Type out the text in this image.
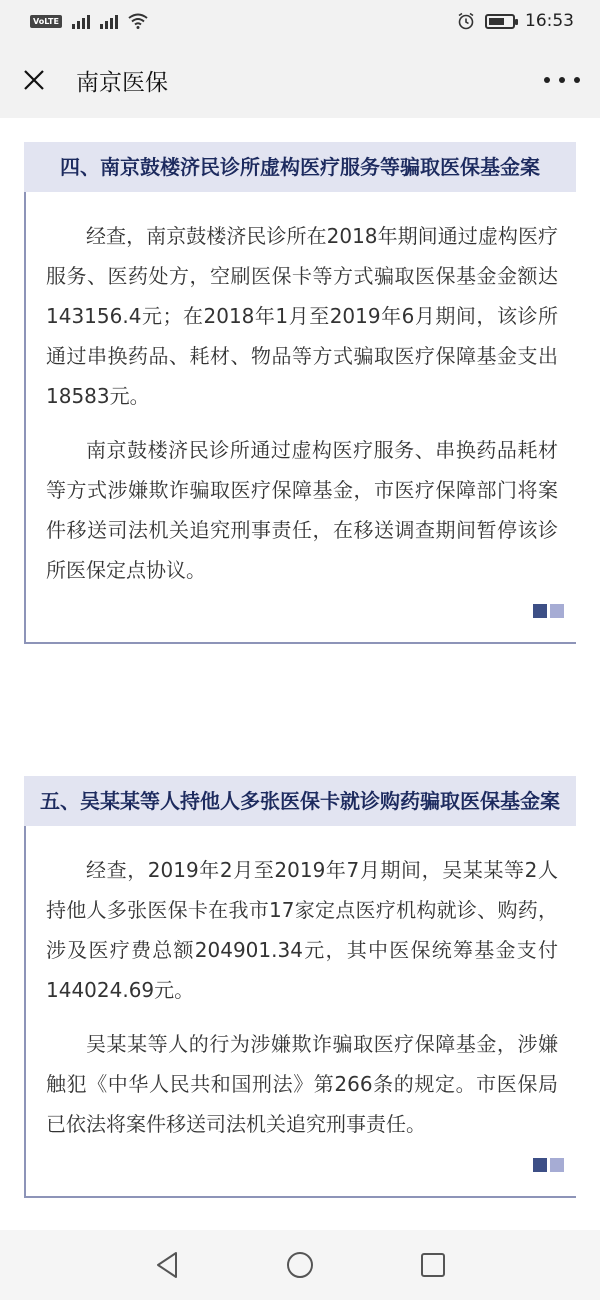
VoLTE	16:53
南京医保
四、南京鼓楼济民诊所虚构医疗服务等骗取医保基金案

经查，南京鼓楼济民诊所在2018年期间通过虚构医疗服务、医药处方，空刷医保卡等方式骗取医保基金金额达143156.4元；在2018年1月至2019年6月期间，该诊所通过串换药品、耗材、物品等方式骗取医疗保障基金支出18583元。

南京鼓楼济民诊所通过虚构医疗服务、串换药品耗材等方式涉嫌欺诈骗取医疗保障基金，市医疗保障部门将案件移送司法机关追究刑事责任，在移送调查期间暂停该诊所医保定点协议。

五、吴某某等人持他人多张医保卡就诊购药骗取医保基金案

经查，2019年2月至2019年7月期间，吴某某等2人持他人多张医保卡在我市17家定点医疗机构就诊、购药，涉及医疗费总额204901.34元，其中医保统筹基金支付144024.69元。

吴某某等人的行为涉嫌欺诈骗取医疗保障基金，涉嫌触犯《中华人民共和国刑法》第266条的规定。市医保局已依法将案件移送司法机关追究刑事责任。
